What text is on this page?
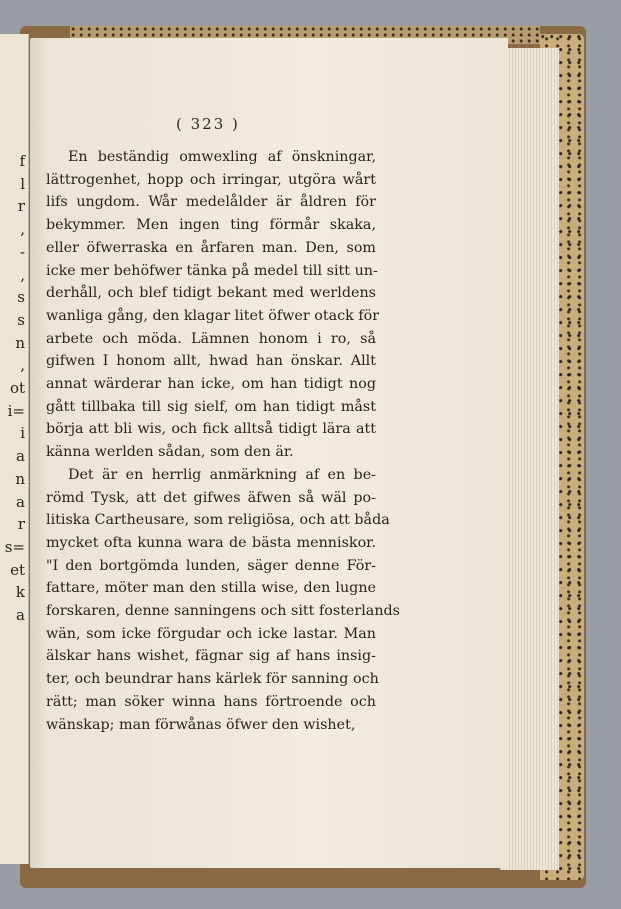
f
l
r
,
-
,
s
s
n
,
ot
i=
i
a
n
a
r
s=
et
k
a
( 323 )

En beständig omwexling af önskningar,
lättrogenhet, hopp och irringar, utgöra wårt
lifs ungdom. Wår medelålder är åldren för
bekymmer. Men ingen ting förmår skaka,
eller öfwerraska en årfaren man. Den, som
icke mer behöfwer tänka på medel till sitt un-
derhåll, och blef tidigt bekant med werldens
wanliga gång, den klagar litet öfwer otack för
arbete och möda. Lämnen honom i ro, så
gifwen I honom allt, hwad han önskar. Allt
annat wärderar han icke, om han tidigt nog
gått tillbaka till sig sielf, om han tidigt måst
börja att bli wis, och fick alltså tidigt lära att
känna werlden sådan, som den är.

Det är en herrlig anmärkning af en be-
römd Tysk, att det gifwes äfwen så wäl po-
litiska Cartheusare, som religiösa, och att båda
mycket ofta kunna wara de bästa menniskor.
"I den bortgömda lunden, säger denne För-
fattare, möter man den stilla wise, den lugne
forskaren, denne sanningens och sitt fosterlands
wän, som icke förgudar och icke lastar. Man
älskar hans wishet, fägnar sig af hans insig-
ter, och beundrar hans kärlek för sanning och
rätt; man söker winna hans förtroende och
wänskap; man förwånas öfwer den wishet,
